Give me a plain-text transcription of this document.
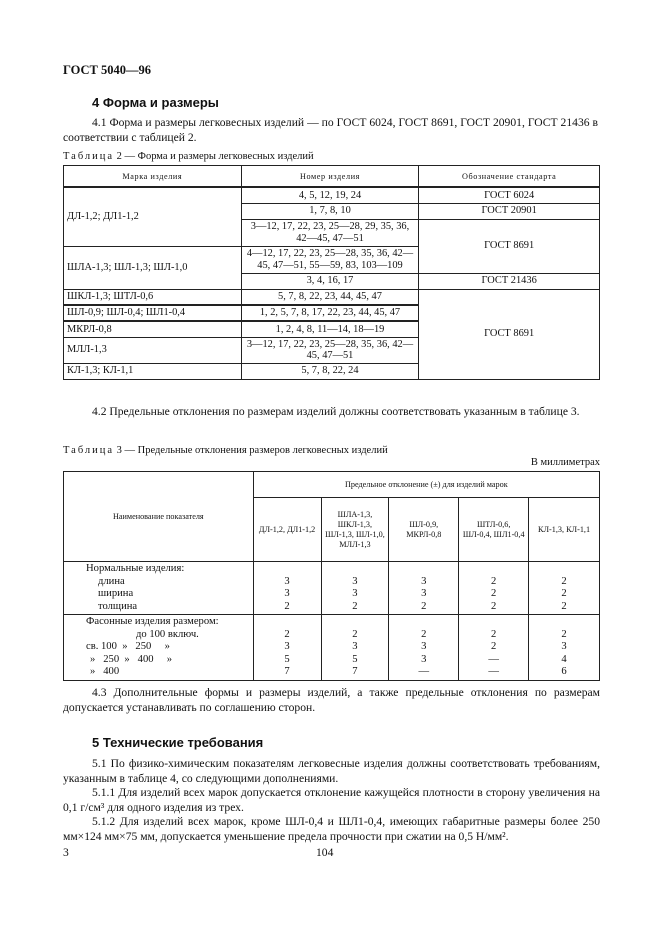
ГОСТ 5040—96
4 Форма и размеры
4.1 Форма и размеры легковесных изделий — по ГОСТ 6024, ГОСТ 8691, ГОСТ 20901, ГОСТ 21436 в соответствии с таблицей 2.
Таблица 2 — Форма и размеры легковесных изделий
Марка изделия	Номер изделия	Обозначение стандарта
ДЛ-1,2; ДЛ1-1,2	4, 5, 12, 19, 24	ГОСТ 6024
	1, 7, 8, 10	ГОСТ 20901
	3—12, 17, 22, 23, 25—28, 29, 35, 36, 42—45, 47—51	ГОСТ 8691
ШЛА-1,3; ШЛ-1,3; ШЛ-1,0	4—12, 17, 22, 23, 25—28, 35, 36, 42—45, 47—51, 55—59, 83, 103—109	
	3, 4, 16, 17	ГОСТ 21436
ШКЛ-1,3; ШТЛ-0,6	5, 7, 8, 22, 23, 44, 45, 47	ГОСТ 8691
ШЛ-0,9; ШЛ-0,4; ШЛ1-0,4	1, 2, 5, 7, 8, 17, 22, 23, 44, 45, 47	
МКРЛ-0,8	1, 2, 4, 8, 11—14, 18—19	
МЛЛ-1,3	3—12, 17, 22, 23, 25—28, 35, 36, 42—45, 47—51	
КЛ-1,3; КЛ-1,1	5, 7, 8, 22, 24	
4.2 Предельные отклонения по размерам изделий должны соответствовать указанным в таблице 3.
Таблица 3 — Предельные отклонения размеров легковесных изделий
В миллиметрах
Наименование показателя	Предельное отклонение (±) для изделий марок				
	ДЛ-1,2, ДЛ1-1,2	ШЛА-1,3, ШКЛ-1,3, ШЛ-1,3, ШЛ-1,0, МЛЛ-1,3	ШЛ-0,9, МКРЛ-0,8	ШТЛ-0,6, ШЛ-0,4, ШЛ1-0,4	КЛ-1,3, КЛ-1,1
Нормальные изделия:					
длина	3	3	3	2	2
ширина	3	3	3	2	2
толщина	2	2	2	2	2
Фасонные изделия размером:					
до 100 включ.	2	2	2	2	2
св. 100  »   250     »	3	3	3	2	3
»   250  »   400     »	5	5	3	—	4
»   400	7	7	—	—	6
4.3 Дополнительные формы и размеры изделий, а также предельные отклонения по размерам допускается устанавливать по соглашению сторон.
5 Технические требования
5.1 По физико-химическим показателям легковесные изделия должны соответствовать требованиям, указанным в таблице 4, со следующими дополнениями.
5.1.1 Для изделий всех марок допускается отклонение кажущейся плотности в сторону увеличения на 0,1 г/см³ для одного изделия из трех.
5.1.2 Для изделий всех марок, кроме ШЛ-0,4 и ШЛ1-0,4, имеющих габаритные размеры более 250 мм×124 мм×75 мм, допускается уменьшение предела прочности при сжатии на 0,5 Н/мм².
3	104
